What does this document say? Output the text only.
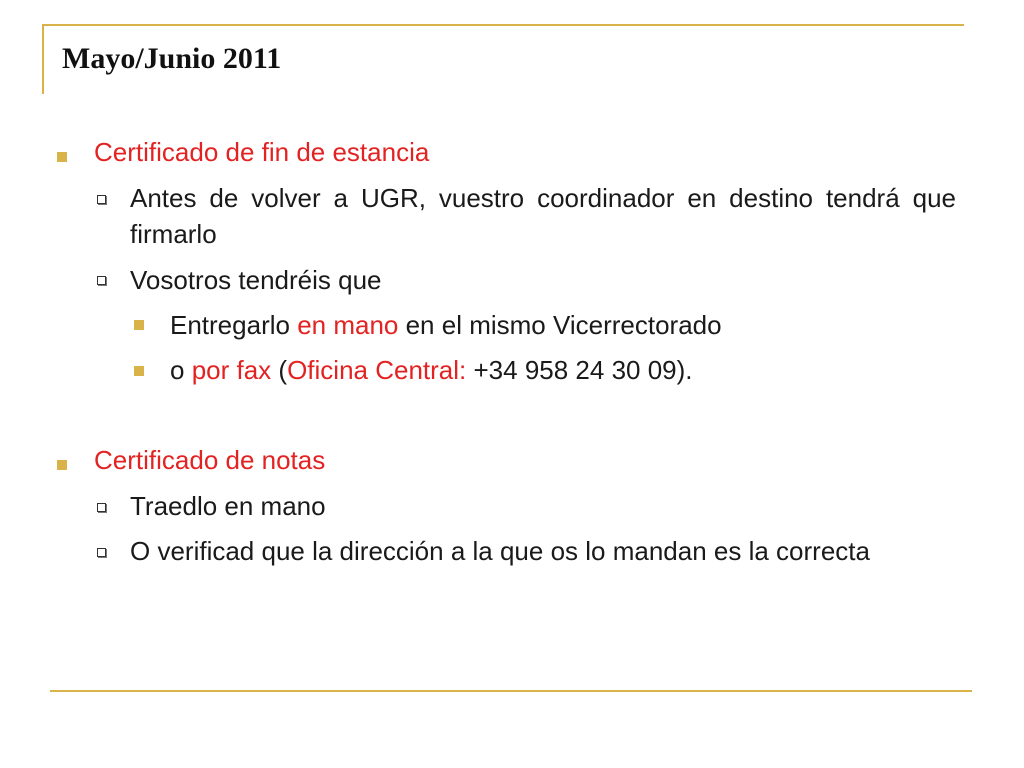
Mayo/Junio 2011
Certificado de fin de estancia
Antes de volver a UGR, vuestro coordinador en destino tendrá que firmarlo
Vosotros tendréis que
Entregarlo en mano en el mismo Vicerrectorado
o por fax (Oficina Central: +34 958 24 30 09).
Certificado de notas
Traedlo en mano
O verificad que la dirección a la que os lo mandan es la correcta
